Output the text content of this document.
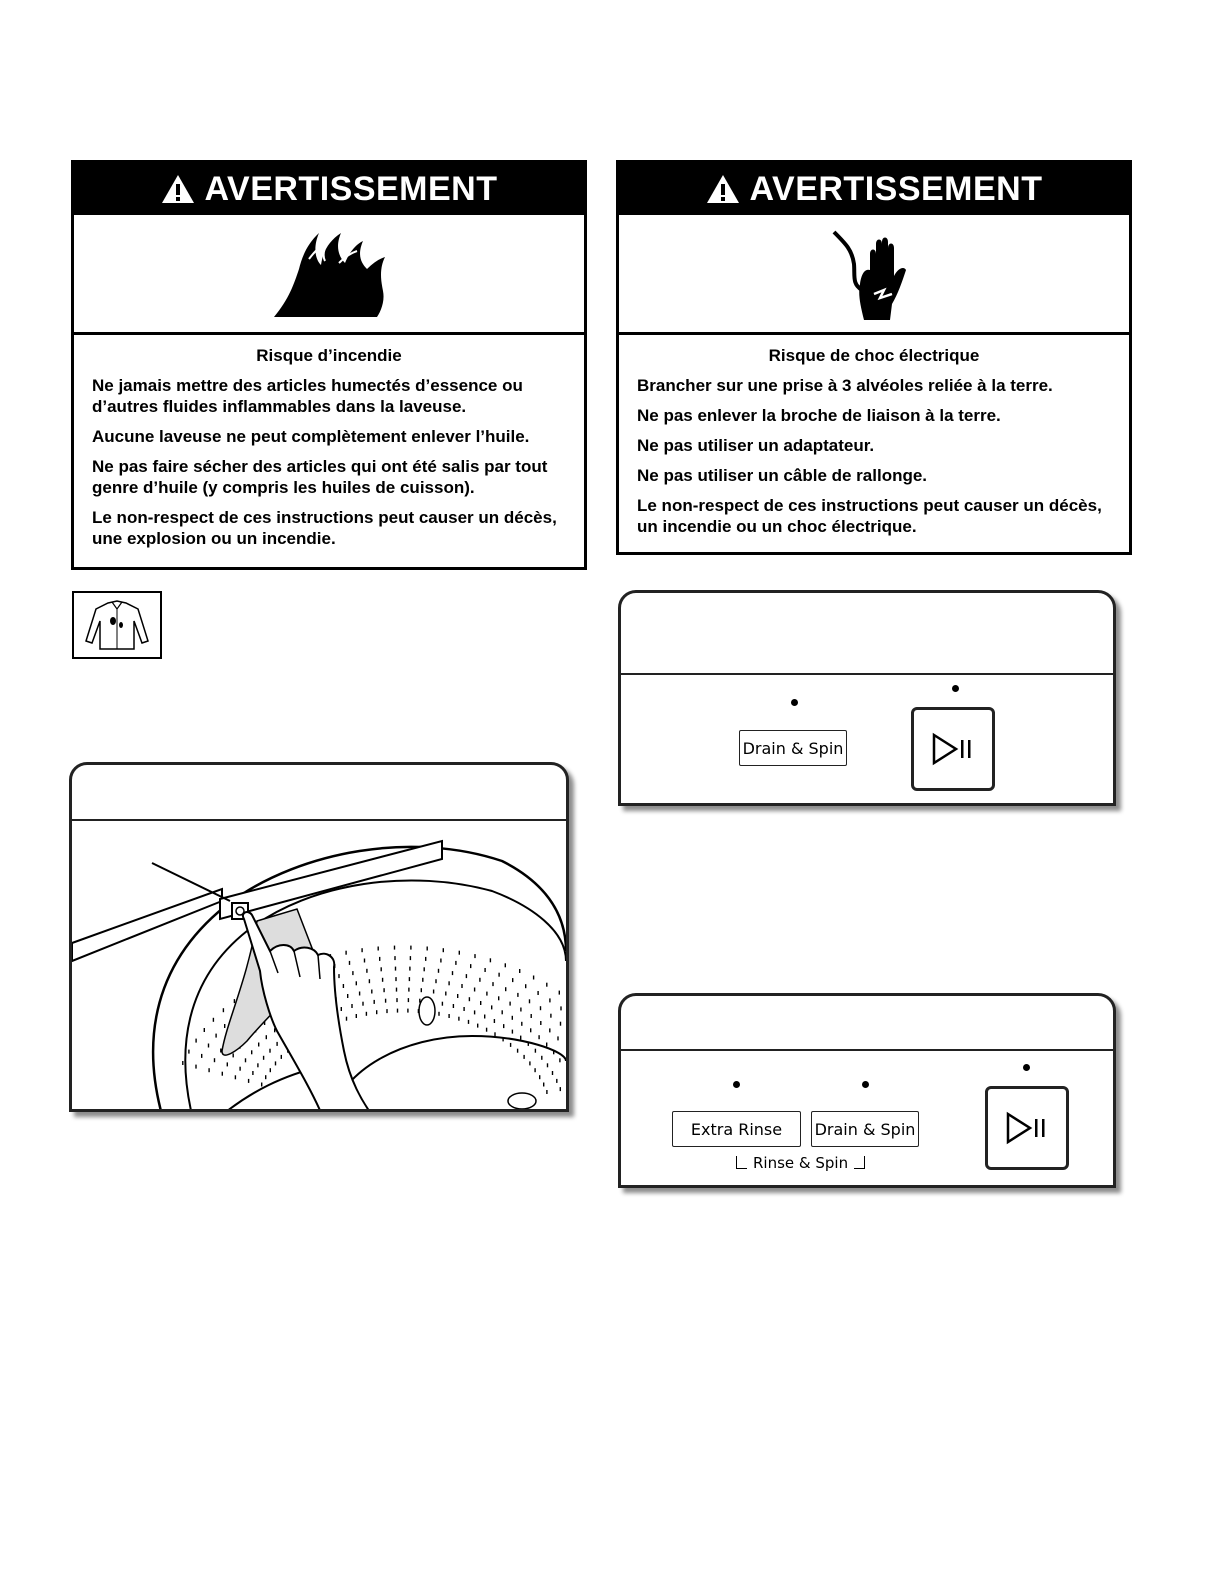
AVERTISSEMENT
Risque d’incendie

Ne jamais mettre des articles humectés d’essence ou d’autres fluides inflammables dans la laveuse.

Aucune laveuse ne peut complètement enlever l’huile.

Ne pas faire sécher des articles qui ont été salis par tout genre d’huile (y compris les huiles de cuisson).

Le non-respect de ces instructions peut causer un décès, une explosion ou un incendie.

AVERTISSEMENT
Risque de choc électrique

Brancher sur une prise à 3 alvéoles reliée à la terre.

Ne pas enlever la broche de liaison à la terre.

Ne pas utiliser un adaptateur.

Ne pas utiliser un câble de rallonge.

Le non-respect de ces instructions peut causer un décès, un incendie ou un choc électrique.

Drain & Spin
Extra Rinse Drain & Spin
Rinse & Spin
